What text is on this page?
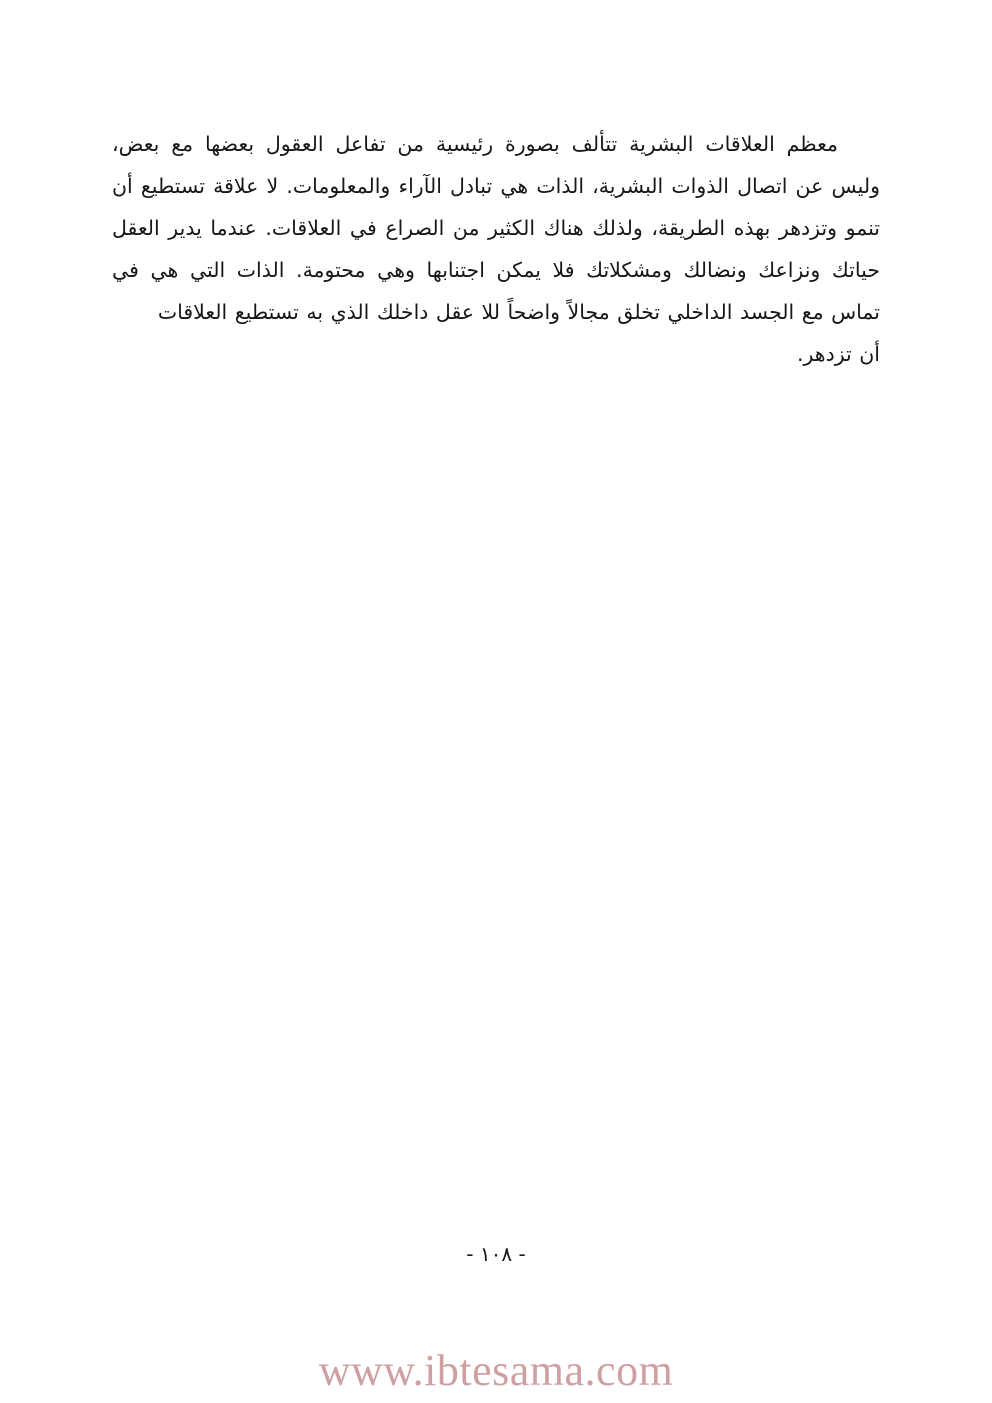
معظم العلاقات البشرية تتألف بصورة رئيسية من تفاعل العقول بعضها مع بعض، وليس عن اتصال الذوات البشرية، الذات هي تبادل الآراء والمعلومات. لا علاقة تستطيع أن تنمو وتزدهر بهذه الطريقة، ولذلك هناك الكثير من الصراع في العلاقات. عندما يدير العقل حياتك ونزاعك ونضالك ومشكلاتك فلا يمكن اجتنابها وهي محتومة. الذات التي هي في تماس مع الجسد الداخلي تخلق مجالاً واضحاً للا عقل داخلك الذي به تستطيع العلاقات

أن تزدهر.

- ١٠٨ -
www.ibtesama.com
